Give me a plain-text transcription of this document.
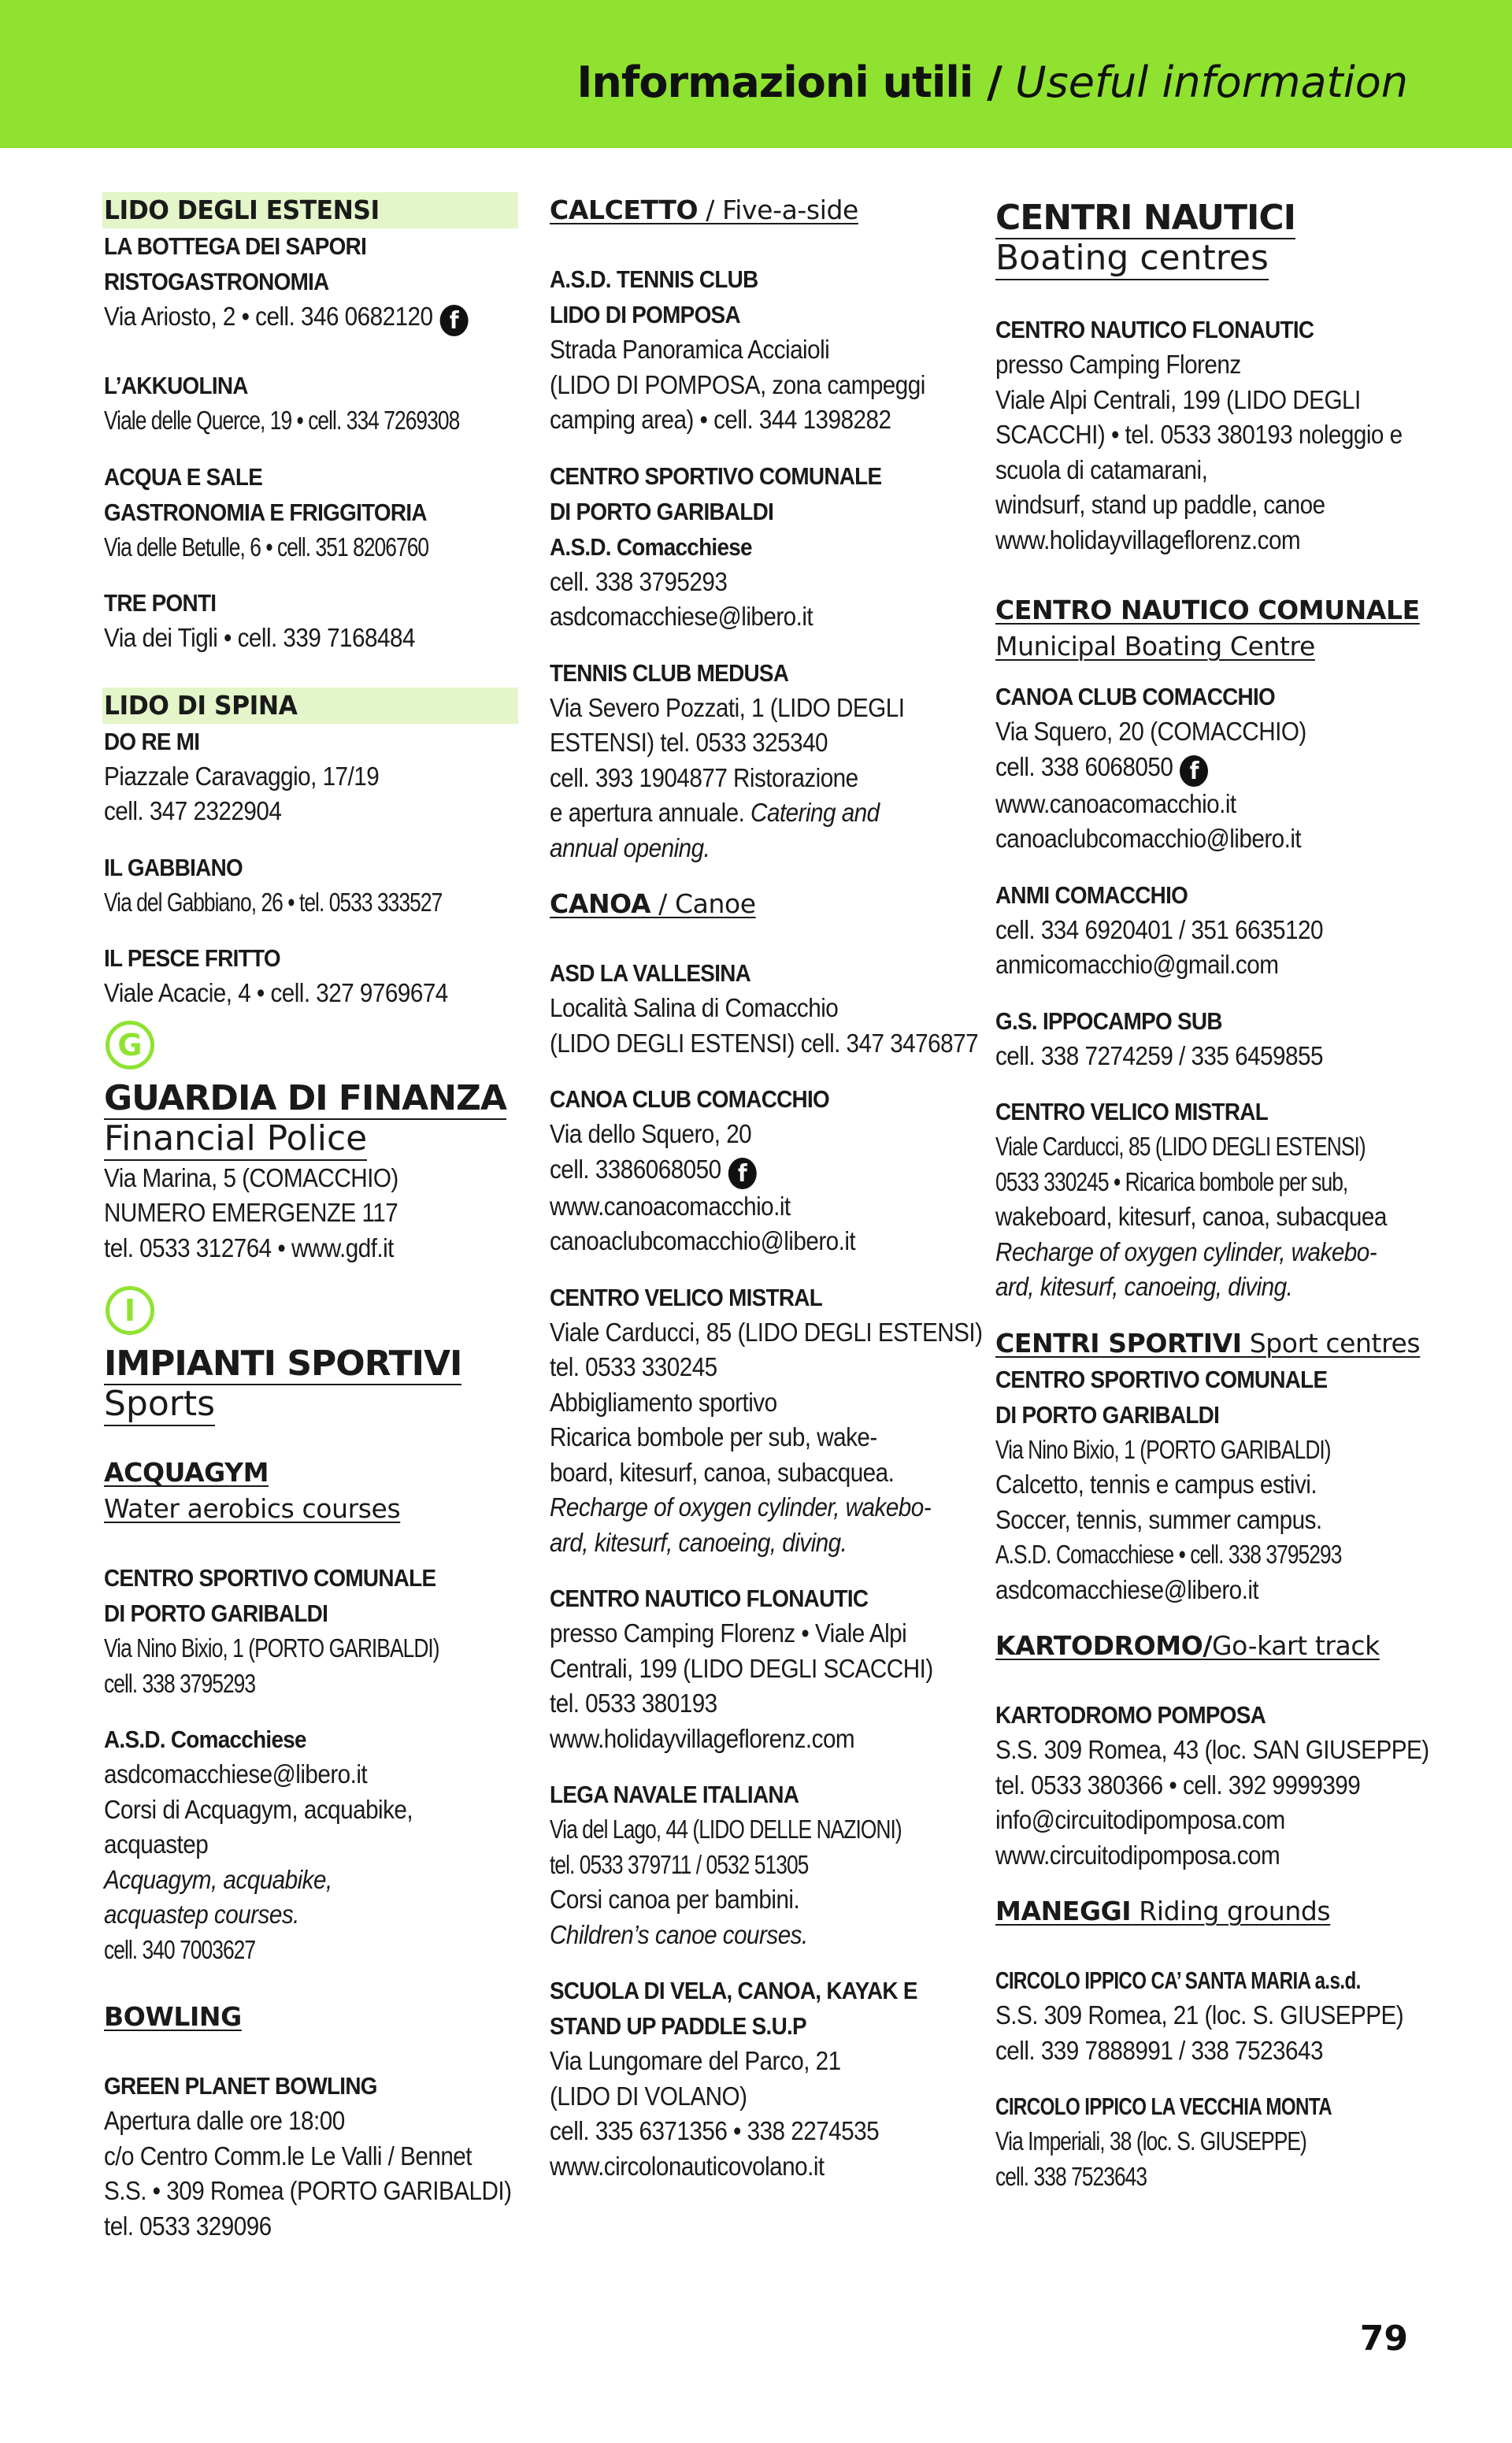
Informazioni utili / Useful information
LIDO DEGLI ESTENSI
LA BOTTEGA DEI SAPORI
RISTOGASTRONOMIA
Via Ariosto, 2 • cell. 346 0682120 f
L’AKKUOLINA
Viale delle Querce, 19 • cell. 334 7269308
ACQUA E SALE
GASTRONOMIA E FRIGGITORIA
Via delle Betulle, 6 • cell. 351 8206760
TRE PONTI
Via dei Tigli • cell. 339 7168484
LIDO DI SPINA
DO RE MI
Piazzale Caravaggio, 17/19
cell. 347 2322904
IL GABBIANO
Via del Gabbiano, 26 • tel. 0533 333527
IL PESCE FRITTO
Viale Acacie, 4 • cell. 327 9769674
G
GUARDIA DI FINANZA
Financial Police
Via Marina, 5 (COMACCHIO)
NUMERO EMERGENZE 117
tel. 0533 312764 • www.gdf.it
I
IMPIANTI SPORTIVI
Sports
ACQUAGYM
Water aerobics courses
CENTRO SPORTIVO COMUNALE
DI PORTO GARIBALDI
Via Nino Bixio, 1 (PORTO GARIBALDI)
cell. 338 3795293
A.S.D. Comacchiese
asdcomacchiese@libero.it
Corsi di Acquagym, acquabike,
acquastep
Acquagym, acquabike,
acquastep courses.
cell. 340 7003627
BOWLING
GREEN PLANET BOWLING
Apertura dalle ore 18:00
c/o Centro Comm.le Le Valli / Bennet
S.S. • 309 Romea (PORTO GARIBALDI)
tel. 0533 329096
CALCETTO / Five-a-side
A.S.D. TENNIS CLUB
LIDO DI POMPOSA
Strada Panoramica Acciaioli
(LIDO DI POMPOSA, zona campeggi
camping area) • cell. 344 1398282
CENTRO SPORTIVO COMUNALE
DI PORTO GARIBALDI
A.S.D. Comacchiese
cell. 338 3795293
asdcomacchiese@libero.it
TENNIS CLUB MEDUSA
Via Severo Pozzati, 1 (LIDO DEGLI
ESTENSI) tel. 0533 325340
cell. 393 1904877 Ristorazione
e apertura annuale. Catering and
annual opening.
CANOA / Canoe
ASD LA VALLESINA
Località Salina di Comacchio
(LIDO DEGLI ESTENSI) cell. 347 3476877
CANOA CLUB COMACCHIO
Via dello Squero, 20
cell. 3386068050 f
www.canoacomacchio.it
canoaclubcomacchio@libero.it
CENTRO VELICO MISTRAL
Viale Carducci, 85 (LIDO DEGLI ESTENSI)
tel. 0533 330245
Abbigliamento sportivo
Ricarica bombole per sub, wake-
board, kitesurf, canoa, subacquea.
Recharge of oxygen cylinder, wakebo-
ard, kitesurf, canoeing, diving.
CENTRO NAUTICO FLONAUTIC
presso Camping Florenz • Viale Alpi
Centrali, 199 (LIDO DEGLI SCACCHI)
tel. 0533 380193
www.holidayvillageflorenz.com
LEGA NAVALE ITALIANA
Via del Lago, 44 (LIDO DELLE NAZIONI)
tel. 0533 379711 / 0532 51305
Corsi canoa per bambini.
Children’s canoe courses.
SCUOLA DI VELA, CANOA, KAYAK E
STAND UP PADDLE S.U.P
Via Lungomare del Parco, 21
(LIDO DI VOLANO)
cell. 335 6371356 • 338 2274535
www.circolonauticovolano.it
CENTRI NAUTICI
Boating centres
CENTRO NAUTICO FLONAUTIC
presso Camping Florenz
Viale Alpi Centrali, 199 (LIDO DEGLI
SCACCHI) • tel. 0533 380193 noleggio e
scuola di catamarani,
windsurf, stand up paddle, canoe
www.holidayvillageflorenz.com
CENTRO NAUTICO COMUNALE
Municipal Boating Centre
CANOA CLUB COMACCHIO
Via Squero, 20 (COMACCHIO)
cell. 338 6068050 f
www.canoacomacchio.it
canoaclubcomacchio@libero.it
ANMI COMACCHIO
cell. 334 6920401 / 351 6635120
anmicomacchio@gmail.com
G.S. IPPOCAMPO SUB
cell. 338 7274259 / 335 6459855
CENTRO VELICO MISTRAL
Viale Carducci, 85 (LIDO DEGLI ESTENSI)
0533 330245 • Ricarica bombole per sub,
wakeboard, kitesurf, canoa, subacquea
Recharge of oxygen cylinder, wakebo-
ard, kitesurf, canoeing, diving.
CENTRI SPORTIVI Sport centres
CENTRO SPORTIVO COMUNALE
DI PORTO GARIBALDI
Via Nino Bixio, 1 (PORTO GARIBALDI)
Calcetto, tennis e campus estivi.
Soccer, tennis, summer campus.
A.S.D. Comacchiese • cell. 338 3795293
asdcomacchiese@libero.it
KARTODROMO/Go-kart track
KARTODROMO POMPOSA
S.S. 309 Romea, 43 (loc. SAN GIUSEPPE)
tel. 0533 380366 • cell. 392 9999399
info@circuitodipomposa.com
www.circuitodipomposa.com
MANEGGI Riding grounds
CIRCOLO IPPICO CA’ SANTA MARIA a.s.d.
S.S. 309 Romea, 21 (loc. S. GIUSEPPE)
cell. 339 7888991 / 338 7523643
CIRCOLO IPPICO LA VECCHIA MONTA
Via Imperiali, 38 (loc. S. GIUSEPPE)
cell. 338 7523643
79
